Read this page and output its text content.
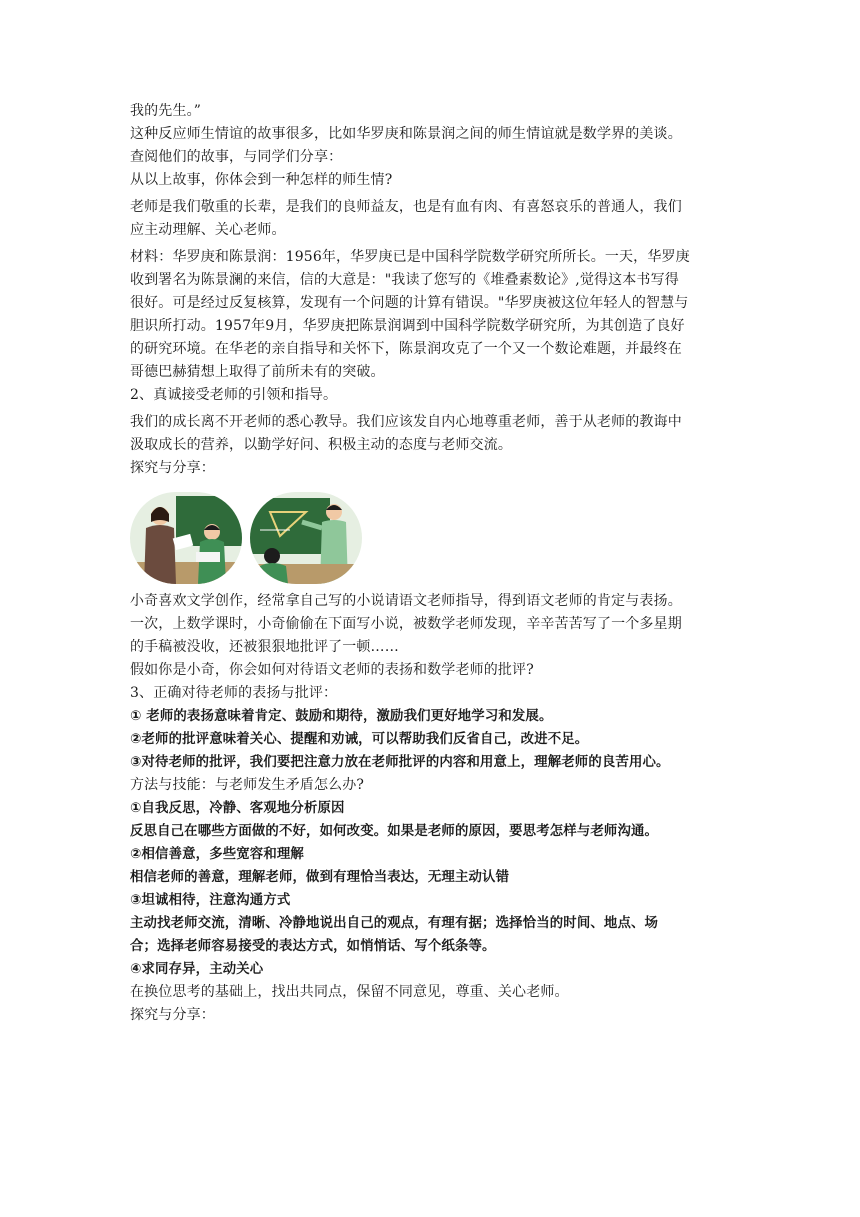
我的先生。”
这种反应师生情谊的故事很多，比如华罗庚和陈景润之间的师生情谊就是数学界的美谈。
查阅他们的故事，与同学们分享：
从以上故事，你体会到一种怎样的师生情?
老师是我们敬重的长辈，是我们的良师益友，也是有血有肉、有喜怒哀乐的普通人，我们
应主动理解、关心老师。
材料：华罗庚和陈景润：1956年，华罗庚已是中国科学院数学研究所所长。一天，华罗庚
收到署名为陈景澜的来信，信的大意是："我读了您写的《堆叠素数论》,觉得这本书写得
很好。可是经过反复核算，发现有一个问题的计算有错误。"华罗庚被这位年轻人的智慧与
胆识所打动。1957年9月，华罗庚把陈景润调到中国科学院数学研究所，为其创造了良好
的研究环境。在华老的亲自指导和关怀下，陈景润攻克了一个又一个数论难题，并最终在
哥德巴赫猜想上取得了前所未有的突破。
2、真诚接受老师的引领和指导。
我们的成长离不开老师的悉心教导。我们应该发自内心地尊重老师，善于从老师的教诲中
汲取成长的营养，以勤学好问、积极主动的态度与老师交流。
探究与分享：
小奇喜欢文学创作，经常拿自己写的小说请语文老师指导，得到语文老师的肯定与表扬。
一次，上数学课时，小奇偷偷在下面写小说，被数学老师发现，辛辛苦苦写了一个多星期
的手稿被没收，还被狠狠地批评了一顿……
假如你是小奇，你会如何对待语文老师的表扬和数学老师的批评?
3、正确对待老师的表扬与批评：
① 老师的表扬意味着肯定、鼓励和期待，激励我们更好地学习和发展。
②老师的批评意味着关心、提醒和劝诫，可以帮助我们反省自己，改进不足。
③对待老师的批评，我们要把注意力放在老师批评的内容和用意上，理解老师的良苦用心。
方法与技能：与老师发生矛盾怎么办?
①自我反思，冷静、客观地分析原因
反思自己在哪些方面做的不好，如何改变。如果是老师的原因，要思考怎样与老师沟通。
②相信善意，多些宽容和理解
相信老师的善意，理解老师，做到有理恰当表达，无理主动认错
③坦诚相待，注意沟通方式
主动找老师交流，清晰、冷静地说出自己的观点，有理有据；选择恰当的时间、地点、场
合；选择老师容易接受的表达方式，如悄悄话、写个纸条等。
④求同存异，主动关心
在换位思考的基础上，找出共同点，保留不同意见，尊重、关心老师。
探究与分享：
